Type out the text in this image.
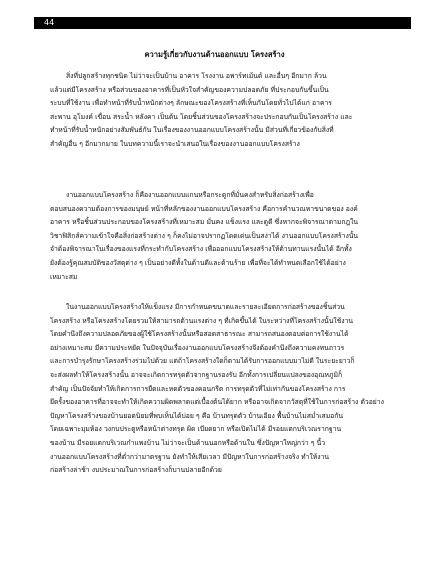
44
ความรู้เกี่ยวกับงานด้านออกแบบ โครงสร้าง
สิ่งที่ปลูกสร้างทุกชนิด ไม่ว่าจะเป็นบ้าน อาคาร โรงงาน อพาร์ทเม้นต์ และอื่นๆ อีกมาก ล้วน
แล้วแต่มีโครงสร้าง หรือส่วนของอาคารที่เป็นหัวใจสำคัญของความปลอดภัย ที่ประกอบกันขึ้นเป็น
ระบบที่ใช้งาน เพื่อทำหน้าที่รับน้ำหนักต่างๆ ลักษณะของโครงสร้างที่เห็นกันโดยทั่วไปได้แก่ อาคาร
สะพาน อุโมงค์ เขื่อน สระน้ำ หลังคา เป็นต้น โดยชิ้นส่วนของโครงสร้างจะประกอบกันเป็นโครงสร้าง และ
ทำหน้าที่รับน้ำหนักอย่างสัมพันธ์กัน ในเรื่องของงานออกแบบโครงสร้างนั้น มีส่วนที่เกี่ยวข้องกับสิ่งที่
สำคัญอื่น ๆ อีกมากมาย ในบทความนี้เราจะนำเสนอในเรื่องของงานออกแบบโครงสร้าง
งานออกแบบโครงสร้าง ก็คืองานออกแบบแกนหรือกระดูกที่มั่นคงสำหรับสิ่งก่อสร้างเพื่อ
ตอบสนองความต้องการของมนุษย์ หน้าที่หลักของงานออกแบบโครงสร้าง คือการคำนวณหาขนาดของ องค์
อาคาร หรือชิ้นส่วนประกอบของโครงสร้างที่เหมาะสม มั่นคง แข็งแรง และดูดี ซึ่งหากจะพิจารณาตามกฎใน
วิชาฟิสิกส์ความเข้าใจคือสิ่งก่อสร้างต่าง ๆ ก็คงไม่อาจปรากฏโดดเด่นเป็นสง่าได้ งานออกแบบโครงสร้างนั้น
จำต้องพิจารณาในเรื่องของแรงที่กระทำกับโครงสร้าง เพื่อออกแบบโครงสร้างให้ต้านทานแรงนั้นได้ อีกทั้ง
ยังต้องรู้คุณสมบัติของวัสดุต่าง ๆ เป็นอย่างดีทั้งในด้านดีและด้านร้าย เพื่อที่จะได้ทำหนดเลือกใช้ได้อย่าง
เหมาะสม
ในงานออกแบบโครงสร้างให้แข็งแรง มีการกำหนดขนาดและรายละเอียดการก่อสร้างของชิ้นส่วน
โครงสร้าง หรือโครงสร้างโดยรวมให้สามารถต้านแรงต่าง ๆ ที่เกิดขึ้นได้ ในระหว่างที่โครงสร้างนั้นใช้งาน
โดยคำนึงถึงความปลอดภัยของผู้ใช้โครงสร้างนั้นหรือสอดสาธารณะ สามารถสนองตอบต่อการใช้งานได้
อย่างเหมาะสม มีความประหยัด ในปัจจุบันเรื่องงานออกแบบโครงสร้างจึงต้องคำนึงถึงความคงทนถาวร
และการบำรุงรักษาโครงสร้างร่วมไปด้วย แต่ถ้าโครงสร้างใดก็ตามได้รับการออกแบบมาไม่ดี ในระยะยาวก็
จะส่งผลทำให้โครงสร้างนั้น อาจจะเกิดการทรุดตัวจากฐานรองรับ อีกทั้งการเปลี่ยนแปลงของอุณหภูมิก็
สำคัญ เป็นปัจจัยทำให้เกิดการการยืดและหดตัวของคอนกรีต การทรุดตัวที่ไม่เท่ากันของโครงสร้าง การ
ยึดรั้งของอาคารที่อาจจะทำให้เกิดความผิดพลาดแต่เบื้องต้นได้ยาก หรืออาจเกิดจากวัสดุที่ใช้ในการก่อสร้าง ตัวอย่าง
ปัญหาโครงสร้างของบ้านยอดนิยมที่พบเห็นได้บ่อย ๆ คือ บ้านทรุดตัว บ้านเอียง พื้นบ้านไม่สม่ำเสมอกัน
โดยเฉพาะมุมห้อง วงกบประตูหรือหน้าต่างทรุด ผิด เบียดยาก หรือเปิดไม่ได้ มีรอยแตกบริเวณรากฐาน
ของบ้าน มีรอยแตกบริเวณกำแพงบ้าน ไม่ว่าจะเป็นด้านนอกหรือด้านใน ซึ่งปัญหาใหญ่กว่า ๆ นี้ว
งานออกแบบโครงสร้างที่ต่ำกว่ามาตรฐาน ยังทำให้เสียเวลา มีปัญหาในการก่อสร้างจริง ทำให้งาน
ก่อสร้างล่าช้า งบประมาณในการก่อสร้างก็บานปลายอีกด้วย
